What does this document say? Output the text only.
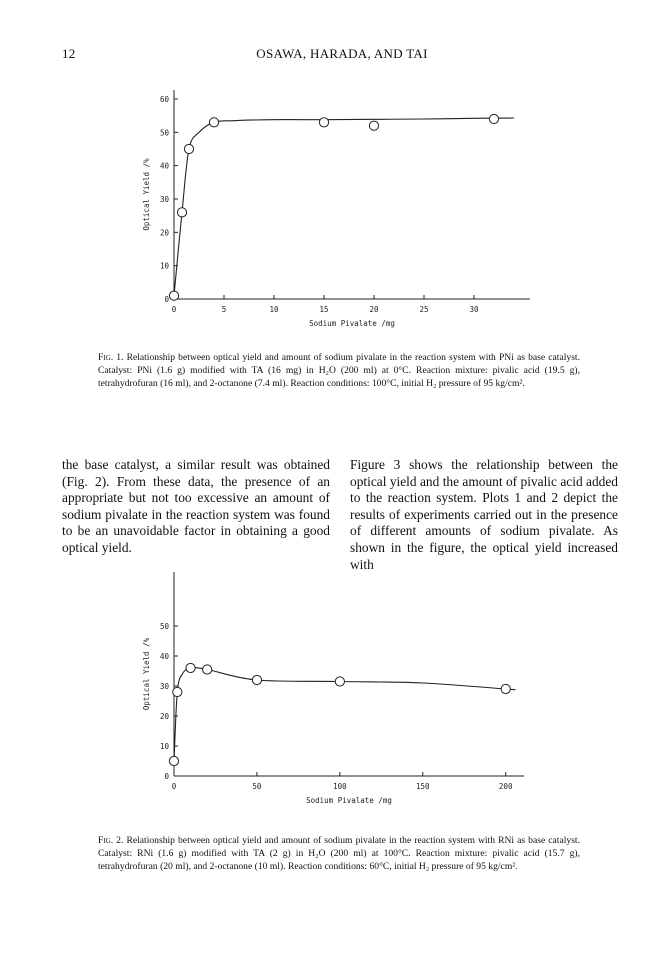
12	OSAWA, HARADA, AND TAI
0	5	10	15	20	25	30
10
20
30
40
50
60
0
Sodium Pivalate /mg
Optical Yield /%
Fig. 1. Relationship between optical yield and amount of sodium pivalate in the reaction system with PNi as base catalyst. Catalyst: PNi (1.6 g) modified with TA (16 mg) in H₂O (200 ml) at 0°C. Reaction mixture: pivalic acid (19.5 g), tetrahydrofuran (16 ml), and 2-octanone (7.4 ml). Reaction conditions: 100°C, initial H₂ pressure of 95 kg/cm².

the base catalyst, a similar result was obtained (Fig. 2). From these data, the presence of an appropriate but not too excessive an amount of sodium pivalate in the reaction system was found to be an unavoidable factor in obtaining a good optical yield.

Figure 3 shows the relationship between the optical yield and the amount of pivalic acid added to the reaction system. Plots 1 and 2 depict the results of experiments carried out in the presence of different amounts of sodium pivalate. As shown in the figure, the optical yield increased with

0	50	100	150	200
0
10
20
30
40
50
Sodium Pivalate /mg
Optical Yield /%
Fig. 2. Relationship between optical yield and amount of sodium pivalate in the reaction system with RNi as base catalyst. Catalyst: RNi (1.6 g) modified with TA (2 g) in H₂O (200 ml) at 100°C. Reaction mixture: pivalic acid (15.7 g), tetrahydrofuran (20 ml), and 2-octanone (10 ml). Reaction conditions: 60°C, initial H₂ pressure of 95 kg/cm².
